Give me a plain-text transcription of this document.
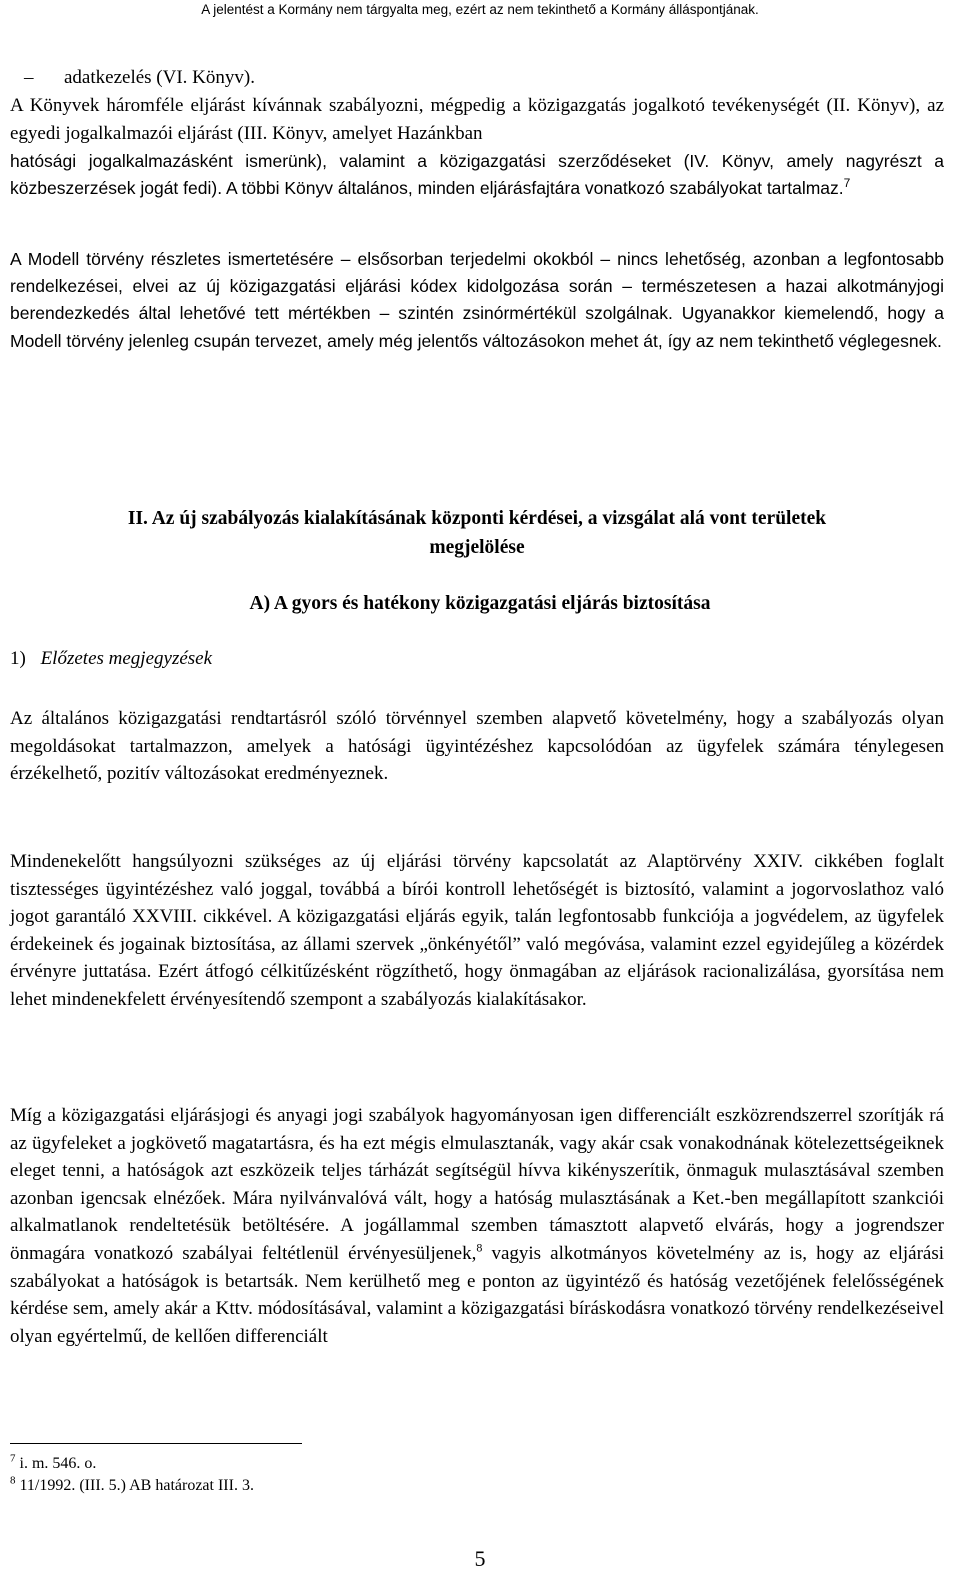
A jelentést a Kormány nem tárgyalta meg, ezért az nem tekinthető a Kormány álláspontjának.
– adatkezelés (VI. Könyv).
A Könyvek háromféle eljárást kívánnak szabályozni, mégpedig a közigazgatás jogalkotó tevékenységét (II. Könyv), az egyedi jogalkalmazói eljárást (III. Könyv, amelyet Hazánkban
hatósági jogalkalmazásként ismerünk), valamint a közigazgatási szerződéseket (IV. Könyv, amely nagyrészt a közbeszerzések jogát fedi). A többi Könyv általános, minden eljárásfajtára vonatkozó szabályokat tartalmaz.$^7$
A Modell törvény részletes ismertetésére – elsősorban terjedelmi okokból – nincs lehetőség, azonban a legfontosabb rendelkezései, elvei az új közigazgatási eljárási kódex kidolgozása során – természetesen a hazai alkotmányjogi berendezkedés által lehetővé tett mértékben – szintén zsinórmértékül szolgálnak. Ugyanakkor kiemelendő, hogy a Modell törvény jelenleg csupán tervezet, amely még jelentős változásokon mehet át, így az nem tekinthető véglegesnek.
II. Az új szabályozás kialakításának központi kérdései, a vizsgálat alá vont területek
megjelölése
A) A gyors és hatékony közigazgatási eljárás biztosítása
1) Előzetes megjegyzések
Az általános közigazgatási rendtartásról szóló törvénnyel szemben alapvető követelmény, hogy a szabályozás olyan megoldásokat tartalmazzon, amelyek a hatósági ügyintézéshez kapcsolódóan az ügyfelek számára ténylegesen érzékelhető, pozitív változásokat eredményeznek.
Mindenekelőtt hangsúlyozni szükséges az új eljárási törvény kapcsolatát az Alaptörvény XXIV. cikkében foglalt tisztességes ügyintézéshez való joggal, továbbá a bírói kontroll lehetőségét is biztosító, valamint a jogorvoslathoz való jogot garantáló XXVIII. cikkével. A közigazgatási eljárás egyik, talán legfontosabb funkciója a jogvédelem, az ügyfelek érdekeinek és jogainak biztosítása, az állami szervek „önkényétől” való megóvása, valamint ezzel egyidejűleg a közérdek érvényre juttatása. Ezért átfogó célkitűzésként rögzíthető, hogy önmagában az eljárások racionalizálása, gyorsítása nem lehet mindenekfelett érvényesítendő szempont a szabályozás kialakításakor.
Míg a közigazgatási eljárásjogi és anyagi jogi szabályok hagyományosan igen differenciált eszközrendszerrel szorítják rá az ügyfeleket a jogkövető magatartásra, és ha ezt mégis elmulasztanák, vagy akár csak vonakodnának kötelezettségeiknek eleget tenni, a hatóságok azt eszközeik teljes tárházát segítségül hívva kikényszerítik, önmaguk mulasztásával szemben azonban igencsak elnézőek. Mára nyilvánvalóvá vált, hogy a hatóság mulasztásának a Ket.-ben megállapított szankciói alkalmatlanok rendeltetésük betöltésére. A jogállammal szemben támasztott alapvető elvárás, hogy a jogrendszer önmagára vonatkozó szabályai feltétlenül érvényesüljenek,$^8$ vagyis alkotmányos követelmény az is, hogy az eljárási szabályokat a hatóságok is betartsák. Nem kerülhető meg e ponton az ügyintéző és hatóság vezetőjének felelősségének kérdése sem, amely akár a Kttv. módosításával, valamint a közigazgatási bíráskodásra vonatkozó törvény rendelkezéseivel olyan egyértelmű, de kellően differenciált
$^7$ i. m. 546. o.
$^8$ 11/1992. (III. 5.) AB határozat III. 3.
5
